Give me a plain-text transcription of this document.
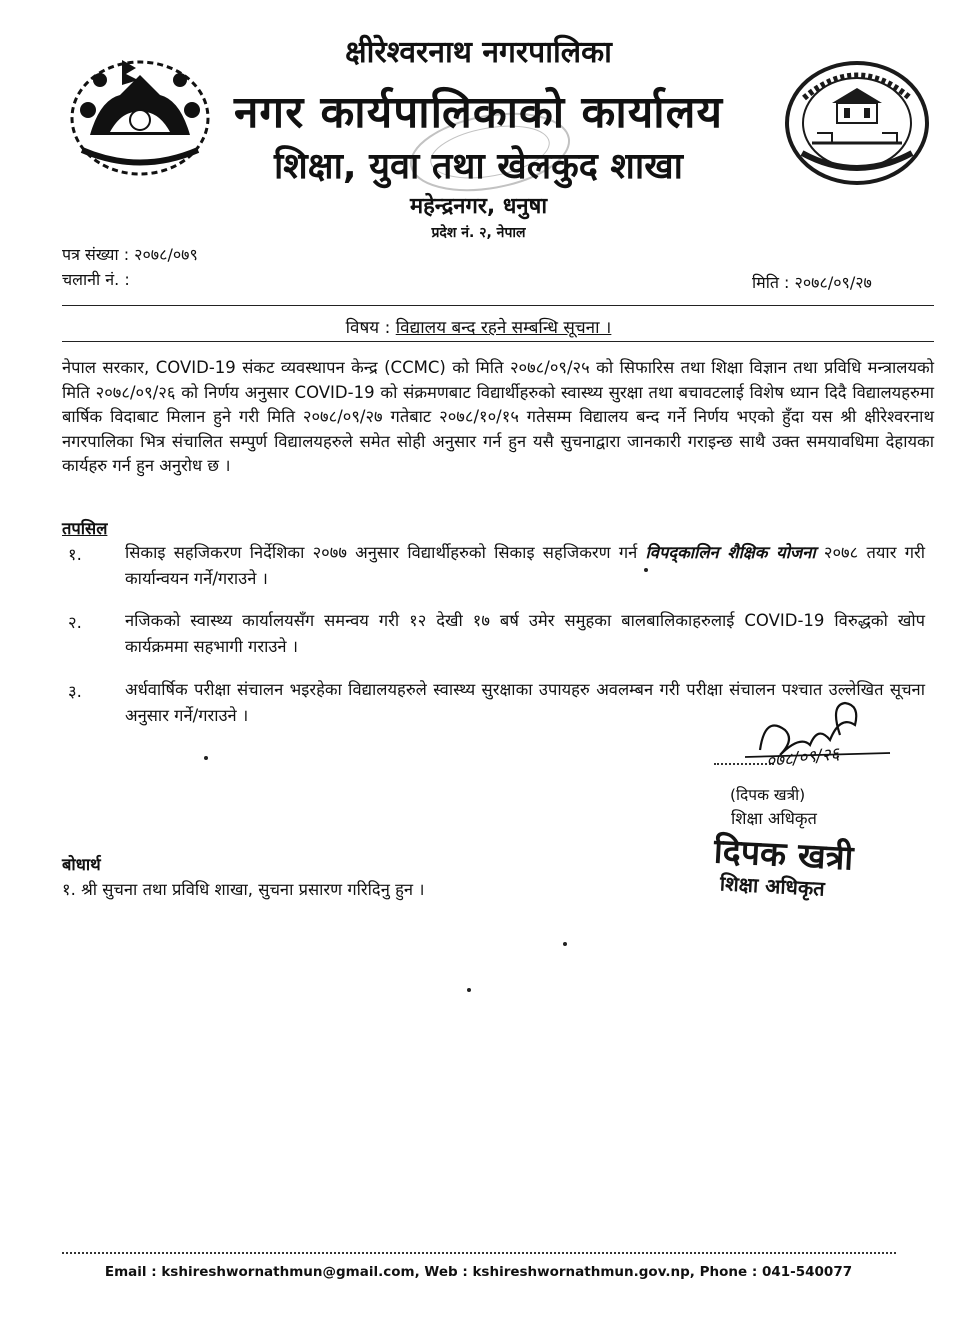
क्षीरेश्वरनाथ नगरपालिका
नगर कार्यपालिकाको कार्यालय
शिक्षा, युवा तथा खेलकुद शाखा
महेन्द्रनगर, धनुषा
प्रदेश नं. २, नेपाल
पत्र संख्या : २०७८/०७९
चलानी नं. :	मिति : २०७८/०९/२७
विषय : विद्यालय बन्द रहने सम्बन्धि सूचना ।
नेपाल सरकार, COVID-19 संकट व्यवस्थापन केन्द्र (CCMC) को मिति २०७८/०९/२५ को सिफारिस तथा शिक्षा विज्ञान तथा प्रविधि मन्त्रालयको मिति २०७८/०९/२६ को निर्णय अनुसार COVID-19 को संक्रमणबाट विद्यार्थीहरुको स्वास्थ्य सुरक्षा तथा बचावटलाई विशेष ध्यान दिदै विद्यालयहरुमा बार्षिक विदाबाट मिलान हुने गरी मिति २०७८/०९/२७ गतेबाट २०७८/१०/१५ गतेसम्म विद्यालय बन्द गर्ने निर्णय भएको हुँदा यस श्री क्षीरेश्वरनाथ नगरपालिका भित्र संचालित सम्पुर्ण विद्यालयहरुले समेत सोही अनुसार गर्न हुन यसै सुचनाद्वारा जानकारी गराइन्छ साथै उक्त समयावधिमा देहायका कार्यहरु गर्न हुन अनुरोध छ ।
तपसिल
१.	सिकाइ सहजिकरण निर्देशिका २०७७ अनुसार विद्यार्थीहरुको सिकाइ सहजिकरण गर्न विपद्कालिन शैक्षिक योजना २०७८ तयार गरी कार्यान्वयन गर्ने/गराउने ।
२.	नजिकको स्वास्थ्य कार्यालयसँग समन्वय गरी १२ देखी १७ बर्ष उमेर समुहका बालबालिकाहरुलाई COVID-19 विरुद्धको खोप कार्यक्रममा सहभागी गराउने ।
३.	अर्धवार्षिक परीक्षा संचालन भइरहेका विद्यालयहरुले स्वास्थ्य सुरक्षाका उपायहरु अवलम्बन गरी परीक्षा संचालन पश्चात उल्लेखित सूचना अनुसार गर्ने/गराउने ।
०७८/०९/२६
(दिपक खत्री)
शिक्षा अधिकृत
दिपक खत्री
शिक्षा अधिकृत
बोधार्थ
१. श्री सुचना तथा प्रविधि शाखा, सुचना प्रसारण गरिदिनु हुन ।
Email : kshireshwornathmun@gmail.com, Web : kshireshwornathmun.gov.np, Phone : 041-540077
